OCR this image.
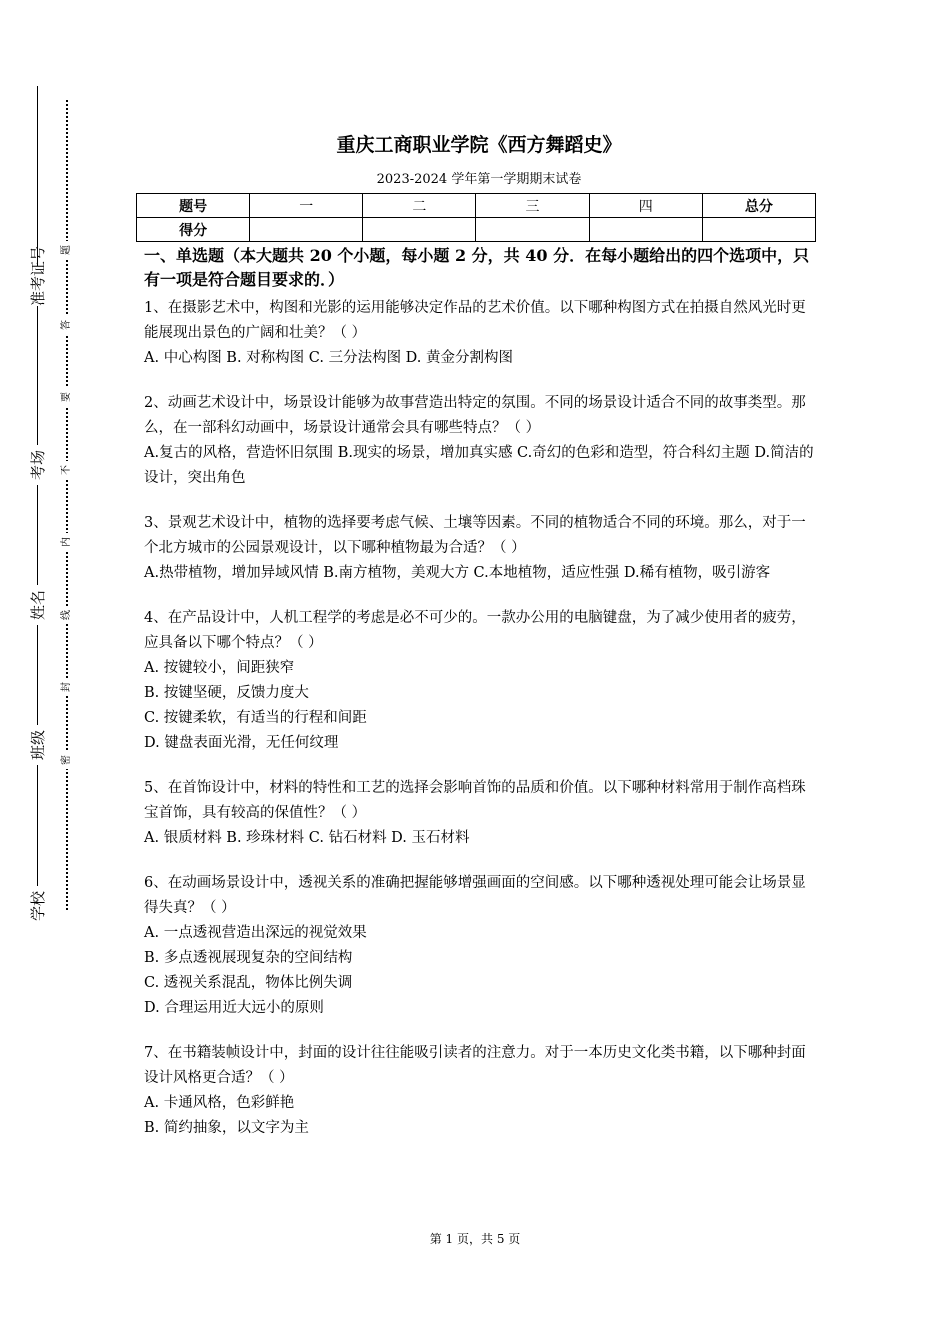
准考证号
考场
姓名
班级
学校
题
答
要
不
内
线
封
密
重庆工商职业学院《西方舞蹈史》
2023-2024 学年第一学期期末试卷
题号	一	二	三	四	总分
得分					

一、单选题（本大题共 20 个小题，每小题 2 分，共 40 分．在每小题给出的四个选项中，只有一项是符合题目要求的．）

1、在摄影艺术中，构图和光影的运用能够决定作品的艺术价值。以下哪种构图方式在拍摄自然风光时更能展现出景色的广阔和壮美？（ ）

A. 中心构图 B. 对称构图 C. 三分法构图 D. 黄金分割构图

2、动画艺术设计中，场景设计能够为故事营造出特定的氛围。不同的场景设计适合不同的故事类型。那么，在一部科幻动画中，场景设计通常会具有哪些特点？（ ）

A.复古的风格，营造怀旧氛围 B.现实的场景，增加真实感 C.奇幻的色彩和造型，符合科幻主题 D.简洁的设计，突出角色

3、景观艺术设计中，植物的选择要考虑气候、土壤等因素。不同的植物适合不同的环境。那么，对于一个北方城市的公园景观设计，以下哪种植物最为合适？（ ）

A.热带植物，增加异域风情 B.南方植物，美观大方 C.本地植物，适应性强 D.稀有植物，吸引游客

4、在产品设计中，人机工程学的考虑是必不可少的。一款办公用的电脑键盘，为了减少使用者的疲劳，应具备以下哪个特点？（ ）

A. 按键较小，间距狭窄

B. 按键坚硬，反馈力度大

C. 按键柔软，有适当的行程和间距

D. 键盘表面光滑，无任何纹理

5、在首饰设计中，材料的特性和工艺的选择会影响首饰的品质和价值。以下哪种材料常用于制作高档珠宝首饰，具有较高的保值性？（ ）

A. 银质材料 B. 珍珠材料 C. 钻石材料 D. 玉石材料

6、在动画场景设计中，透视关系的准确把握能够增强画面的空间感。以下哪种透视处理可能会让场景显得失真？（ ）

A. 一点透视营造出深远的视觉效果

B. 多点透视展现复杂的空间结构

C. 透视关系混乱，物体比例失调

D. 合理运用近大远小的原则

7、在书籍装帧设计中，封面的设计往往能吸引读者的注意力。对于一本历史文化类书籍，以下哪种封面设计风格更合适？（ ）

A. 卡通风格，色彩鲜艳

B. 简约抽象，以文字为主

第 1 页，共 5 页
